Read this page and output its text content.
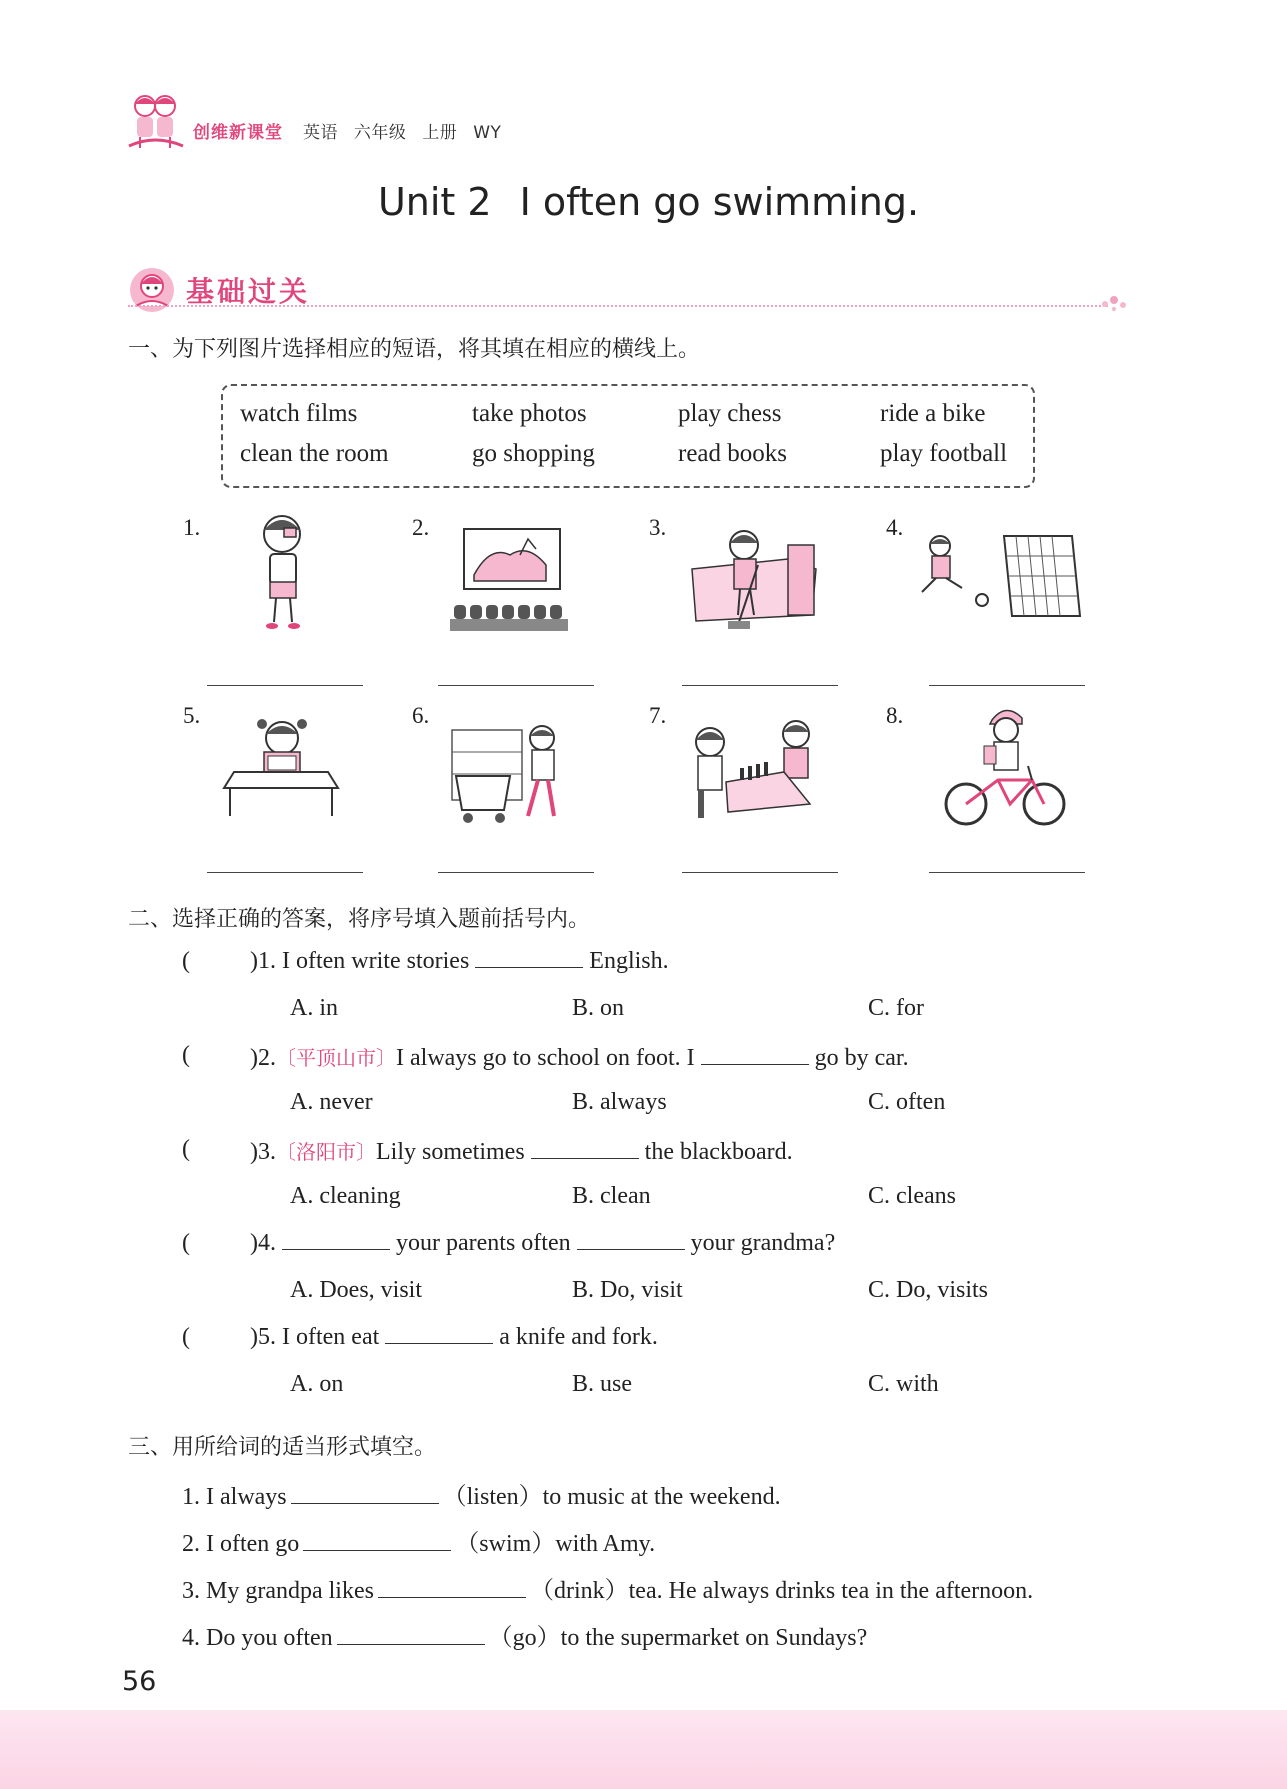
创维新课堂 英语 六年级 上册 WY
Unit 2 I often go swimming.
基础过关
一、为下列图片选择相应的短语，将其填在相应的横线上。
watch films	take photos	play chess	ride a bike
clean the room	go shopping	read books	play football
1.	2.	3.	4.
5.	6.	7.	8.
二、选择正确的答案，将序号填入题前括号内。
(	)1. I often write stories	English.
A. in	B. on	C. for
(	)2.〔平顶山市〕I always go to school on foot. I	go by car.
A. never	B. always	C. often
(	)3.〔洛阳市〕Lily sometimes	the blackboard.
A. cleaning	B. clean	C. cleans
(	)4.	your parents often	your grandma?
A. Does, visit	B. Do, visit	C. Do, visits
(	)5. I often eat	a knife and fork.
A. on	B. use	C. with
三、用所给词的适当形式填空。
1. I always	（listen）to music at the weekend.
2. I often go	（swim）with Amy.
3. My grandpa likes	（drink）tea. He always drinks tea in the afternoon.
4. Do you often	（go）to the supermarket on Sundays?
56
